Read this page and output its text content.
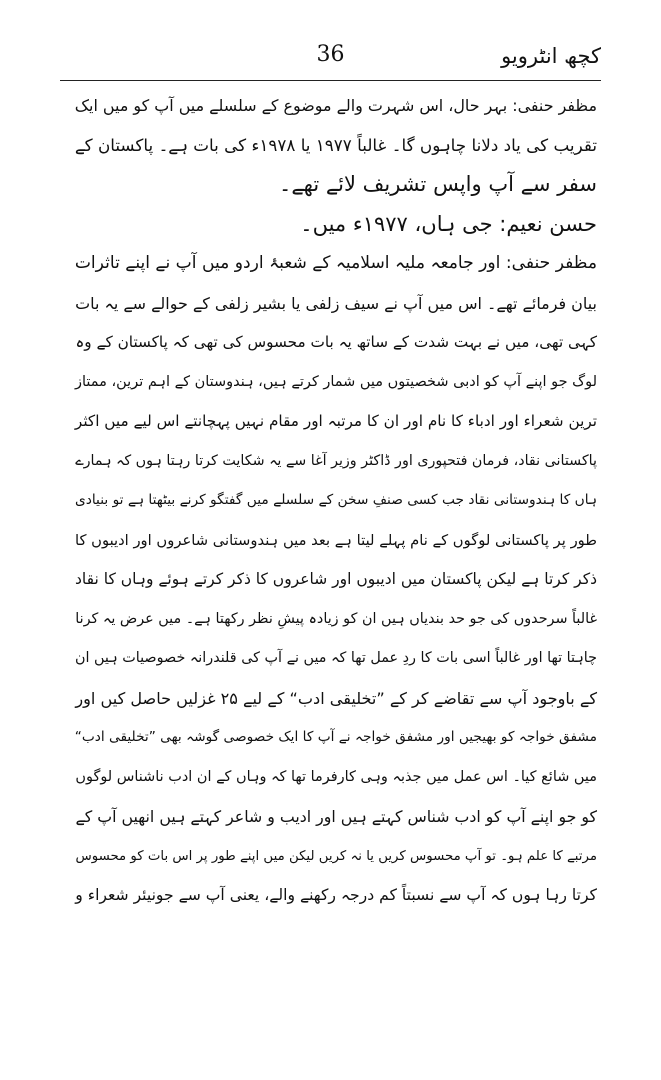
36	کچھ انٹرویو
مظفر حنفی: بہر حال، اس شہرت والے موضوع کے سلسلے میں آپ کو میں ایک
تقریب کی یاد دلانا چاہوں گا۔ غالباً ۱۹۷۷ یا ۱۹۷۸ء کی بات ہے۔ پاکستان کے
سفر سے آپ واپس تشریف لائے تھے۔
حسن نعیم: جی ہاں، ۱۹۷۷ء میں۔
مظفر حنفی: اور جامعہ ملیہ اسلامیہ کے شعبۂ اردو میں آپ نے اپنے تاثرات
بیان فرمائے تھے۔ اس میں آپ نے سیف زلفی یا بشیر زلفی کے حوالے سے یہ بات
کہی تھی، میں نے بہت شدت کے ساتھ یہ بات محسوس کی تھی کہ پاکستان کے وہ
لوگ جو اپنے آپ کو ادبی شخصیتوں میں شمار کرتے ہیں، ہندوستان کے اہم ترین، ممتاز
ترین شعراء اور ادباء کا نام اور ان کا مرتبہ اور مقام نہیں پہچانتے اس لیے میں اکثر
پاکستانی نقاد، فرمان فتحپوری اور ڈاکٹر وزیر آغا سے یہ شکایت کرتا رہتا ہوں کہ ہمارے
ہاں کا ہندوستانی نقاد جب کسی صنفِ سخن کے سلسلے میں گفتگو کرنے بیٹھتا ہے تو بنیادی
طور پر پاکستانی لوگوں کے نام پہلے لیتا ہے بعد میں ہندوستانی شاعروں اور ادیبوں کا
ذکر کرتا ہے لیکن پاکستان میں ادیبوں اور شاعروں کا ذکر کرتے ہوئے وہاں کا نقاد
غالباً سرحدوں کی جو حد بندیاں ہیں ان کو زیادہ پیشِ نظر رکھتا ہے۔ میں عرض یہ کرنا
چاہتا تھا اور غالباً اسی بات کا ردِ عمل تھا کہ میں نے آپ کی قلندرانہ خصوصیات ہیں ان
کے باوجود آپ سے تقاضے کر کے ”تخلیقی ادب“ کے لیے ۲۵ غزلیں حاصل کیں اور
مشفق خواجہ کو بھیجیں اور مشفق خواجہ نے آپ کا ایک خصوصی گوشہ بھی ”تخلیقی ادب“
میں شائع کیا۔ اس عمل میں جذبہ وہی کارفرما تھا کہ وہاں کے ان ادب ناشناس لوگوں
کو جو اپنے آپ کو ادب شناس کہتے ہیں اور ادیب و شاعر کہتے ہیں انھیں آپ کے
مرتبے کا علم ہو۔ تو آپ محسوس کریں یا نہ کریں لیکن میں اپنے طور پر اس بات کو محسوس
کرتا رہا ہوں کہ آپ سے نسبتاً کم درجہ رکھنے والے، یعنی آپ سے جونیئر شعراء و
